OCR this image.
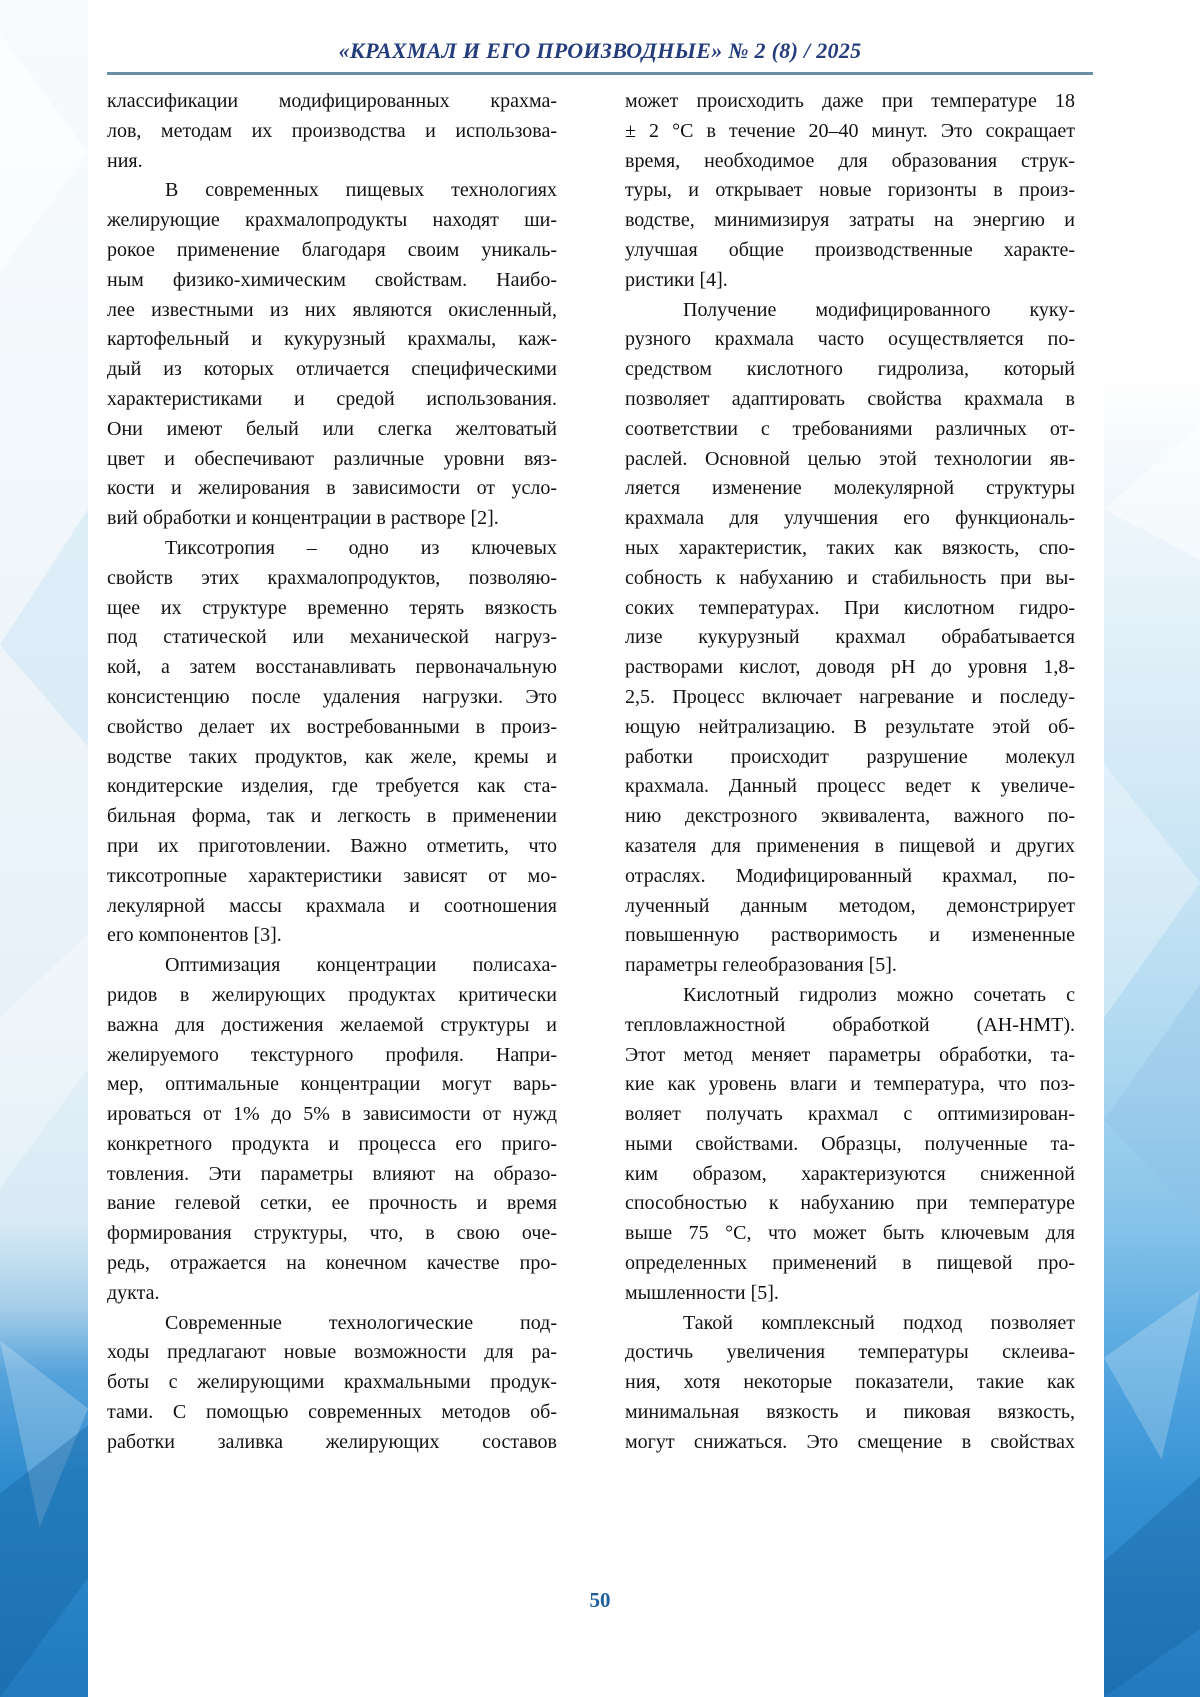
«КРАХМАЛ И ЕГО ПРОИЗВОДНЫЕ» № 2 (8) / 2025
классификации модифицированных крахма-
лов, методам их производства и использова-
ния.
В современных пищевых технологиях
желирующие крахмалопродукты находят ши-
рокое применение благодаря своим уникаль-
ным физико-химическим свойствам. Наибо-
лее известными из них являются окисленный,
картофельный и кукурузный крахмалы, каж-
дый из которых отличается специфическими
характеристиками и средой использования.
Они имеют белый или слегка желтоватый
цвет и обеспечивают различные уровни вяз-
кости и желирования в зависимости от усло-
вий обработки и концентрации в растворе [2].
Тиксотропия – одно из ключевых
свойств этих крахмалопродуктов, позволяю-
щее их структуре временно терять вязкость
под статической или механической нагруз-
кой, а затем восстанавливать первоначальную
консистенцию после удаления нагрузки. Это
свойство делает их востребованными в произ-
водстве таких продуктов, как желе, кремы и
кондитерские изделия, где требуется как ста-
бильная форма, так и легкость в применении
при их приготовлении. Важно отметить, что
тиксотропные характеристики зависят от мо-
лекулярной массы крахмала и соотношения
его компонентов [3].
Оптимизация концентрации полисаха-
ридов в желирующих продуктах критически
важна для достижения желаемой структуры и
желируемого текстурного профиля. Напри-
мер, оптимальные концентрации могут варь-
ироваться от 1% до 5% в зависимости от нужд
конкретного продукта и процесса его приго-
товления. Эти параметры влияют на образо-
вание гелевой сетки, ее прочность и время
формирования структуры, что, в свою оче-
редь, отражается на конечном качестве про-
дукта.
Современные технологические под-
ходы предлагают новые возможности для ра-
боты с желирующими крахмальными продук-
тами. С помощью современных методов об-
работки заливка желирующих составов
может происходить даже при температуре 18
± 2 °С в течение 20–40 минут. Это сокращает
время, необходимое для образования струк-
туры, и открывает новые горизонты в произ-
водстве, минимизируя затраты на энергию и
улучшая общие производственные характе-
ристики [4].
Получение модифицированного куку-
рузного крахмала часто осуществляется по-
средством кислотного гидролиза, который
позволяет адаптировать свойства крахмала в
соответствии с требованиями различных от-
раслей. Основной целью этой технологии яв-
ляется изменение молекулярной структуры
крахмала для улучшения его функциональ-
ных характеристик, таких как вязкость, спо-
собность к набуханию и стабильность при вы-
соких температурах. При кислотном гидро-
лизе кукурузный крахмал обрабатывается
растворами кислот, доводя pH до уровня 1,8-
2,5. Процесс включает нагревание и последу-
ющую нейтрализацию. В результате этой об-
работки происходит разрушение молекул
крахмала. Данный процесс ведет к увеличе-
нию декстрозного эквивалента, важного по-
казателя для применения в пищевой и других
отраслях. Модифицированный крахмал, по-
лученный данным методом, демонстрирует
повышенную растворимость и измененные
параметры гелеобразования [5].
Кислотный гидролиз можно сочетать с
тепловлажностной обработкой (AH-HMT).
Этот метод меняет параметры обработки, та-
кие как уровень влаги и температура, что поз-
воляет получать крахмал с оптимизирован-
ными свойствами. Образцы, полученные та-
ким образом, характеризуются сниженной
способностью к набуханию при температуре
выше 75 °С, что может быть ключевым для
определенных применений в пищевой про-
мышленности [5].
Такой комплексный подход позволяет
достичь увеличения температуры склеива-
ния, хотя некоторые показатели, такие как
минимальная вязкость и пиковая вязкость,
могут снижаться. Это смещение в свойствах
50
